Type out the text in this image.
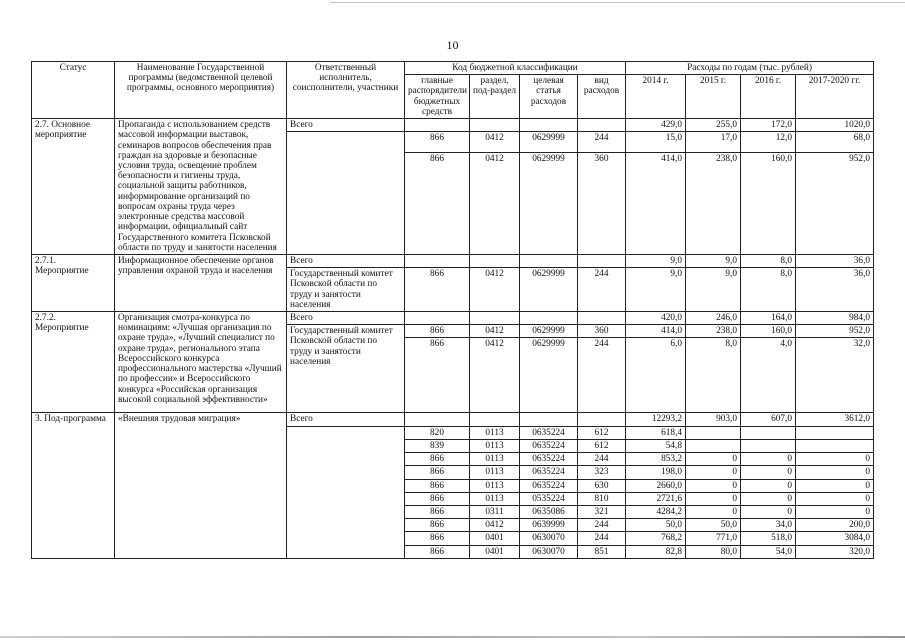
10
Статус	Наименование Государственной программы (ведомственной целевой программы, основного мероприятия)	Ответственный исполнитель, соисполнители, участники	Код бюджетной классификации				Расходы по годам (тыс. рублей)			
			главные распорядители бюджетных средств	раздел, под-раздел	целевая статья расходов	вид расходов	2014 г.	2015 г.	2016 г.	2017-2020 гг.
2.7. Основное мероприятие	Пропаганда с использованием средств массовой информации выставок, семинаров вопросов обеспечения прав граждан на здоровые и безопасные условия труда, освещение проблем безопасности и гигиены труда, социальной защиты работников, информирование организаций по вопросам охраны труда через электронные средства массовой информации, официальный сайт Государственного комитета Псковской области по труду и занятости населения	Всего					429,0	255,0	172,0	1020,0
			866	0412	0629999	244	15,0	17,0	12,0	68,0
			866	0412	0629999	360	414,0	238,0	160,0	952,0
2.7.1. Мероприятие	Информационное обеспечение органов управления охраной труда и населения	Всего					9,0	9,0	8,0	36,0
		Государственный комитет Псковской области по труду и занятости населения	866	0412	0629999	244	9,0	9,0	8,0	36,0
2.7.2. Мероприятие	Организация смотра-конкурса по номинациям: «Лучшая организация по охране труда», «Лучший специалист по охране труда», регионального этапа Всероссийского конкурса профессионального мастерства «Лучший по профессии» и Всероссийского конкурса «Российская организация высокой социальной эффективности»	Всего					420,0	246,0	164,0	984,0
		Государственный комитет Псковской области по труду и занятости населения	866	0412	0629999	360	414,0	238,0	160,0	952,0
			866	0412	0629999	244	6,0	8,0	4,0	32,0
3. Под-программа	«Внешняя трудовая миграция»	Всего					12293,2	903,0	607,0	3612,0
			820	0113	0635224	612	618,4			
			839	0113	0635224	612	54,8			
			866	0113	0635224	244	853,2	0	0	0
			866	0113	0635224	323	198,0	0	0	0
			866	0113	0635224	630	2660,0	0	0	0
			866	0113	0535224	810	2721,6	0	0	0
			866	0311	0635086	321	4284,2	0	0	0
			866	0412	0639999	244	50,0	50,0	34,0	200,0
			866	0401	0630070	244	768,2	771,0	518,0	3084,0
			866	0401	0630070	851	82,8	80,0	54,0	320,0
